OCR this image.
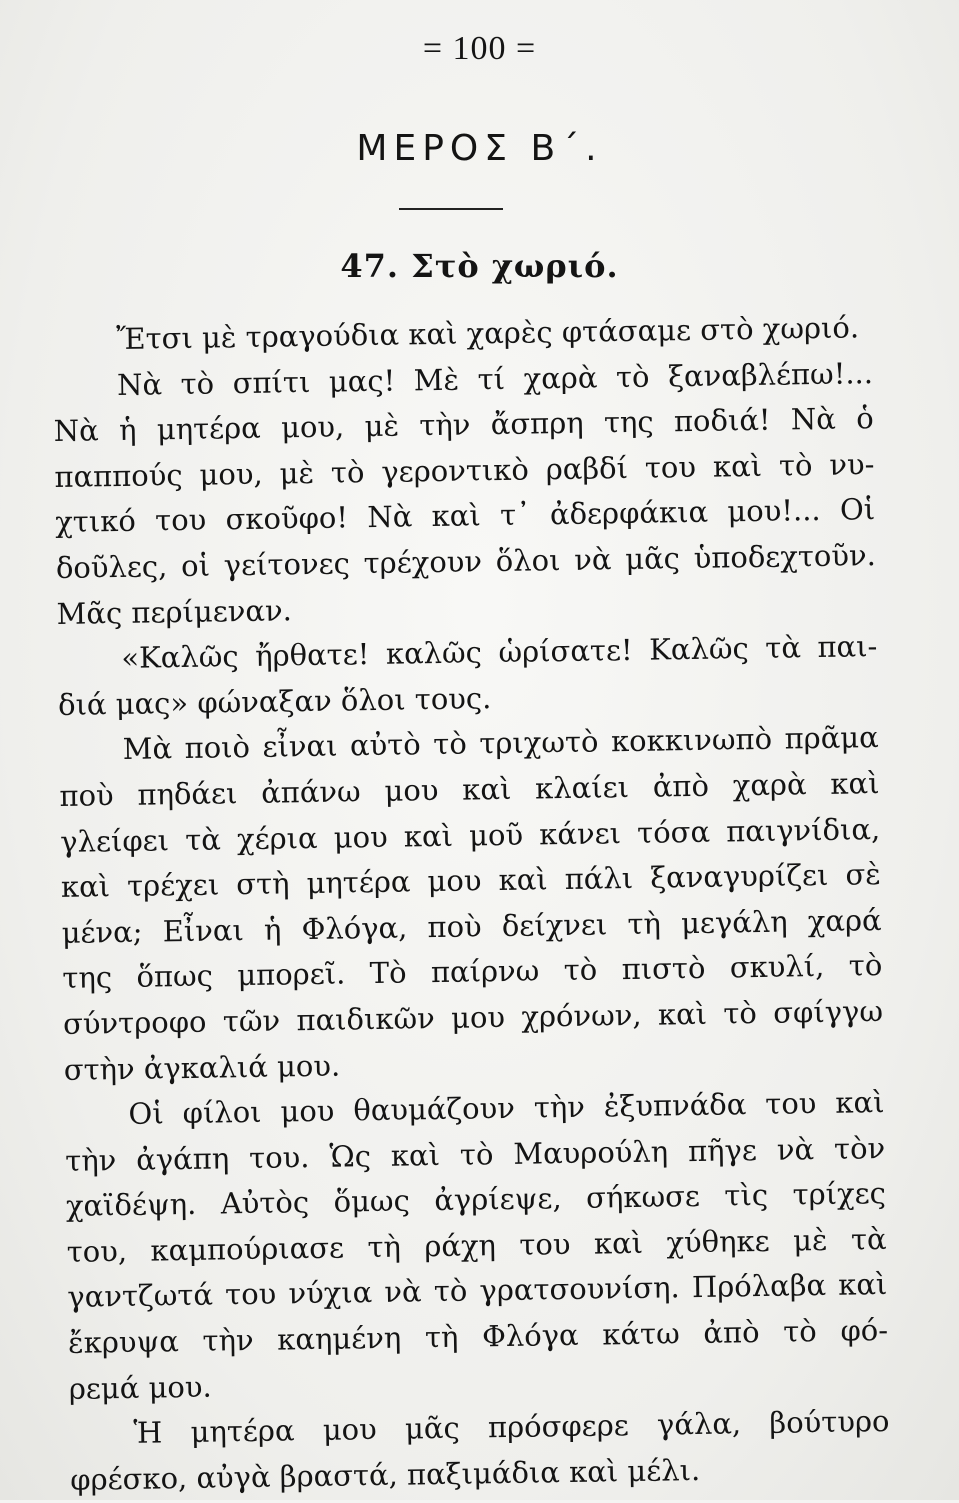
= 100 =
ΜΕΡΟΣ Β΄.
47. Στὸ χωριό.
Ἔτσι μὲ τραγούδια καὶ χαρὲς φτάσαμε στὸ χωριό.
Νὰ τὸ σπίτι μας! Μὲ τί χαρὰ τὸ ξαναβλέπω!...
Νὰ ἡ μητέρα μου, μὲ τὴν ἄσπρη της ποδιά! Νὰ ὁ
παππούς μου, μὲ τὸ γεροντικὸ ραβδί του καὶ τὸ νυ-
χτικό του σκοῦφο! Νὰ καὶ τ᾽ ἀδερφάκια μου!... Οἱ
δοῦλες, οἱ γείτονες τρέχουν ὅλοι νὰ μᾶς ὑποδεχτοῦν.
Μᾶς περίμεναν.
«Καλῶς ἤρθατε! καλῶς ὡρίσατε! Καλῶς τὰ παι-
διά μας» φώναξαν ὅλοι τους.
Μὰ ποιὸ εἶναι αὐτὸ τὸ τριχωτὸ κοκκινωπὸ πρᾶμα
ποὺ πηδάει ἀπάνω μου καὶ κλαίει ἀπὸ χαρὰ καὶ
γλείφει τὰ χέρια μου καὶ μοῦ κάνει τόσα παιγνίδια,
καὶ τρέχει στὴ μητέρα μου καὶ πάλι ξαναγυρίζει σὲ
μένα; Εἶναι ἡ Φλόγα, ποὺ δείχνει τὴ μεγάλη χαρά
της ὅπως μπορεῖ. Τὸ παίρνω τὸ πιστὸ σκυλί, τὸ
σύντροφο τῶν παιδικῶν μου χρόνων, καὶ τὸ σφίγγω
στὴν ἀγκαλιά μου.
Οἱ φίλοι μου θαυμάζουν τὴν ἐξυπνάδα του καὶ
τὴν ἀγάπη του. Ὡς καὶ τὸ Μαυρούλη πῆγε νὰ τὸν
χαϊδέψη. Αὐτὸς ὅμως ἀγρίεψε, σήκωσε τὶς τρίχες
του, καμπούριασε τὴ ράχη του καὶ χύθηκε μὲ τὰ
γαντζωτά του νύχια νὰ τὸ γρατσουνίση. Πρόλαβα καὶ
ἔκρυψα τὴν καημένη τὴ Φλόγα κάτω ἀπὸ τὸ φό-
ρεμά μου.
Ἡ μητέρα μου μᾶς πρόσφερε γάλα, βούτυρο
φρέσκο, αὐγὰ βραστά, παξιμάδια καὶ μέλι.
